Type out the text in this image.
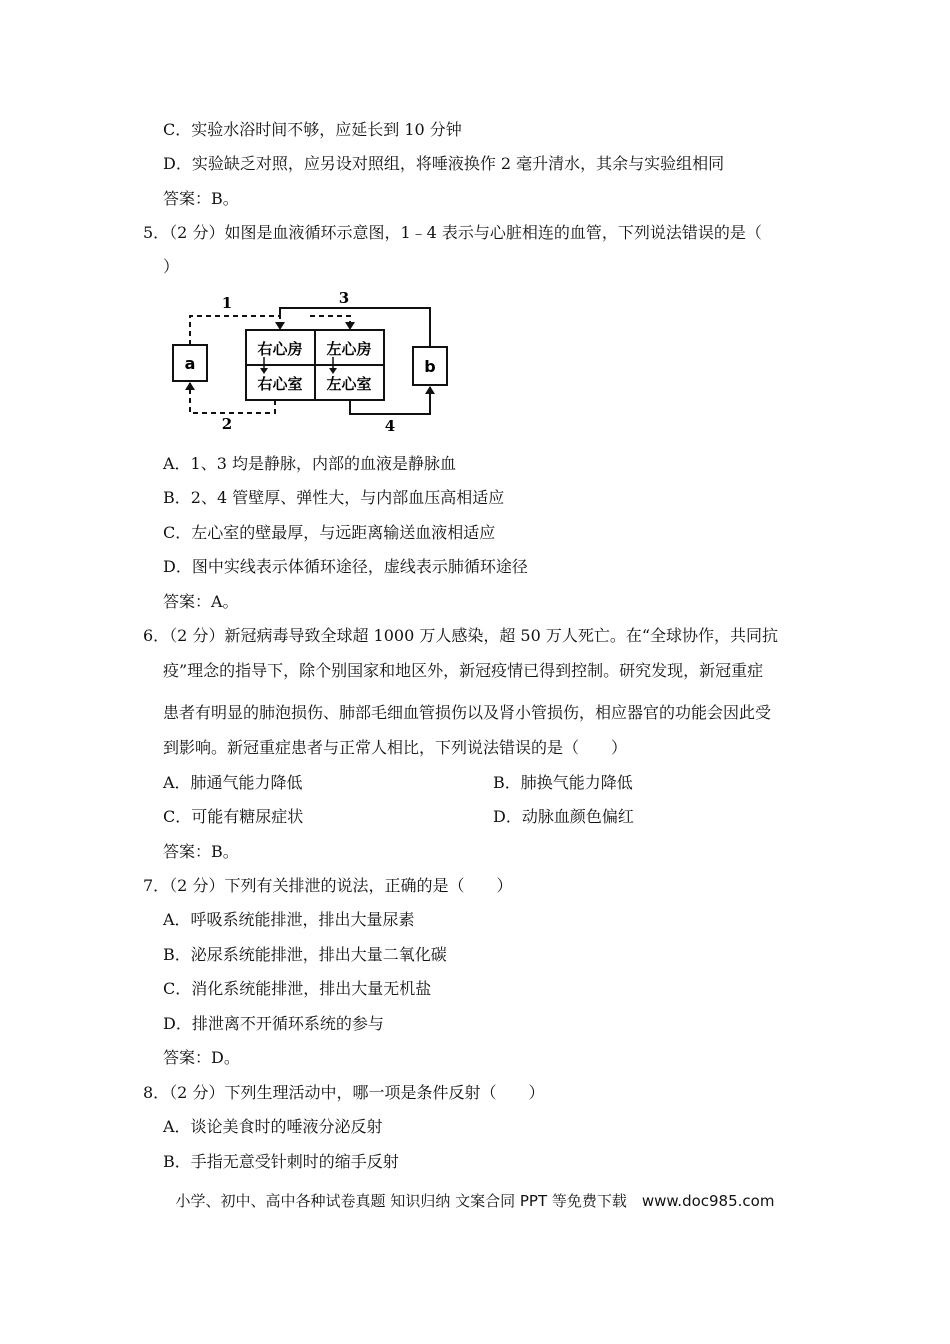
C．实验水浴时间不够，应延长到 10 分钟
D．实验缺乏对照，应另设对照组，将唾液换作 2 毫升清水，其余与实验组相同
答案：B。
5．（2 分）如图是血液循环示意图，1﹣4 表示与心脏相连的血管，下列说法错误的是（
）
a	b
右心房 左心房
右心室 左心室
1	3
2	4
A．1、3 均是静脉，内部的血液是静脉血
B．2、4 管壁厚、弹性大，与内部血压高相适应
C．左心室的壁最厚，与远距离输送血液相适应
D．图中实线表示体循环途径，虚线表示肺循环途径
答案：A。
6．（2 分）新冠病毒导致全球超 1000 万人感染，超 50 万人死亡。在“全球协作，共同抗
疫”理念的指导下，除个别国家和地区外，新冠疫情已得到控制。研究发现，新冠重症
患者有明显的肺泡损伤、肺部毛细血管损伤以及肾小管损伤，相应器官的功能会因此受
到影响。新冠重症患者与正常人相比，下列说法错误的是（　　）
A．肺通气能力降低	B．肺换气能力降低
C．可能有糖尿症状	D．动脉血颜色偏红
答案：B。
7．（2 分）下列有关排泄的说法，正确的是（　　）
A．呼吸系统能排泄，排出大量尿素
B．泌尿系统能排泄，排出大量二氧化碳
C．消化系统能排泄，排出大量无机盐
D．排泄离不开循环系统的参与
答案：D。
8．（2 分）下列生理活动中，哪一项是条件反射（　　）
A．谈论美食时的唾液分泌反射
B．手指无意受针刺时的缩手反射
小学、初中、高中各种试卷真题 知识归纳 文案合同 PPT 等免费下载　www.doc985.com
